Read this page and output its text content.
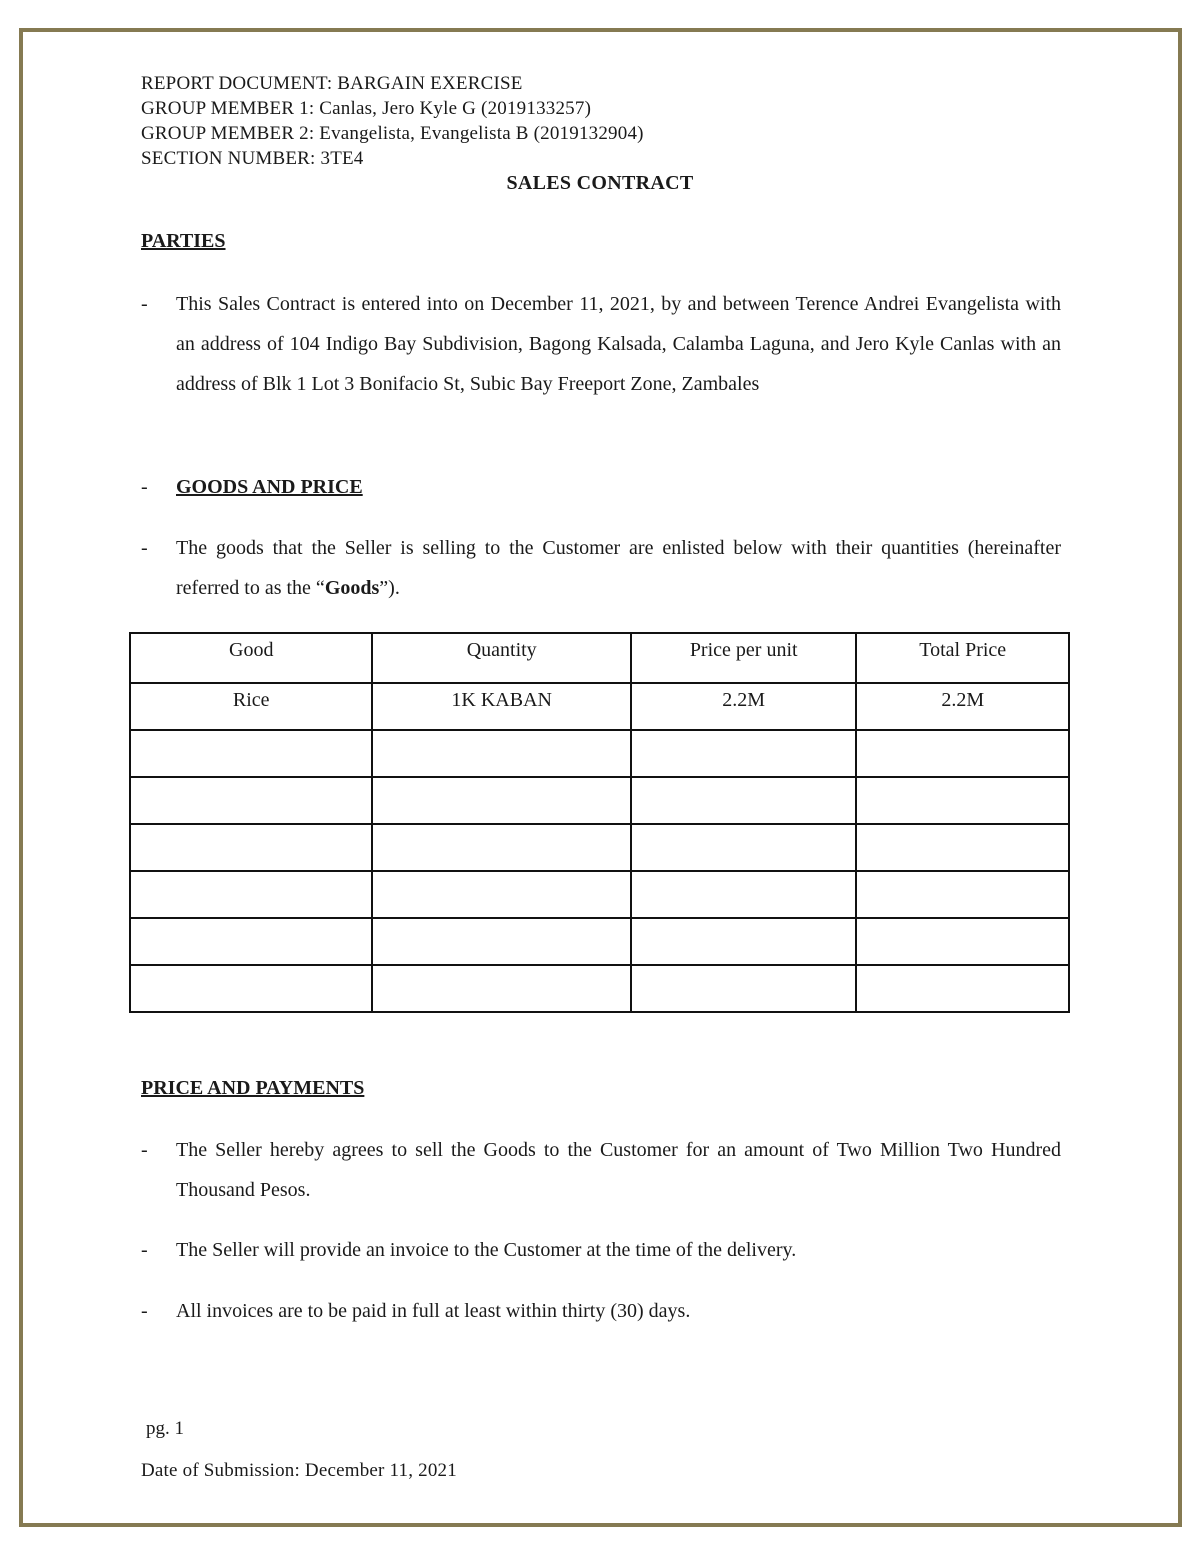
REPORT DOCUMENT: BARGAIN EXERCISE
GROUP MEMBER 1: Canlas, Jero Kyle G (2019133257)
GROUP MEMBER 2: Evangelista, Evangelista B (2019132904)
SECTION NUMBER: 3TE4
SALES CONTRACT
PARTIES
- This Sales Contract is entered into on December 11, 2021, by and between Terence Andrei Evangelista with an address of 104 Indigo Bay Subdivision, Bagong Kalsada, Calamba Laguna, and Jero Kyle Canlas with an address of Blk 1 Lot 3 Bonifacio St, Subic Bay Freeport Zone, Zambales
- GOODS AND PRICE
- The goods that the Seller is selling to the Customer are enlisted below with their quantities (hereinafter referred to as the “Goods”).
Good	Quantity	Price per unit	Total Price
Rice	1K KABAN	2.2M	2.2M

PRICE AND PAYMENTS
- The Seller hereby agrees to sell the Goods to the Customer for an amount of Two Million Two Hundred Thousand Pesos.
- The Seller will provide an invoice to the Customer at the time of the delivery.
- All invoices are to be paid in full at least within thirty (30) days.
pg. 1
Date of Submission: December 11, 2021
